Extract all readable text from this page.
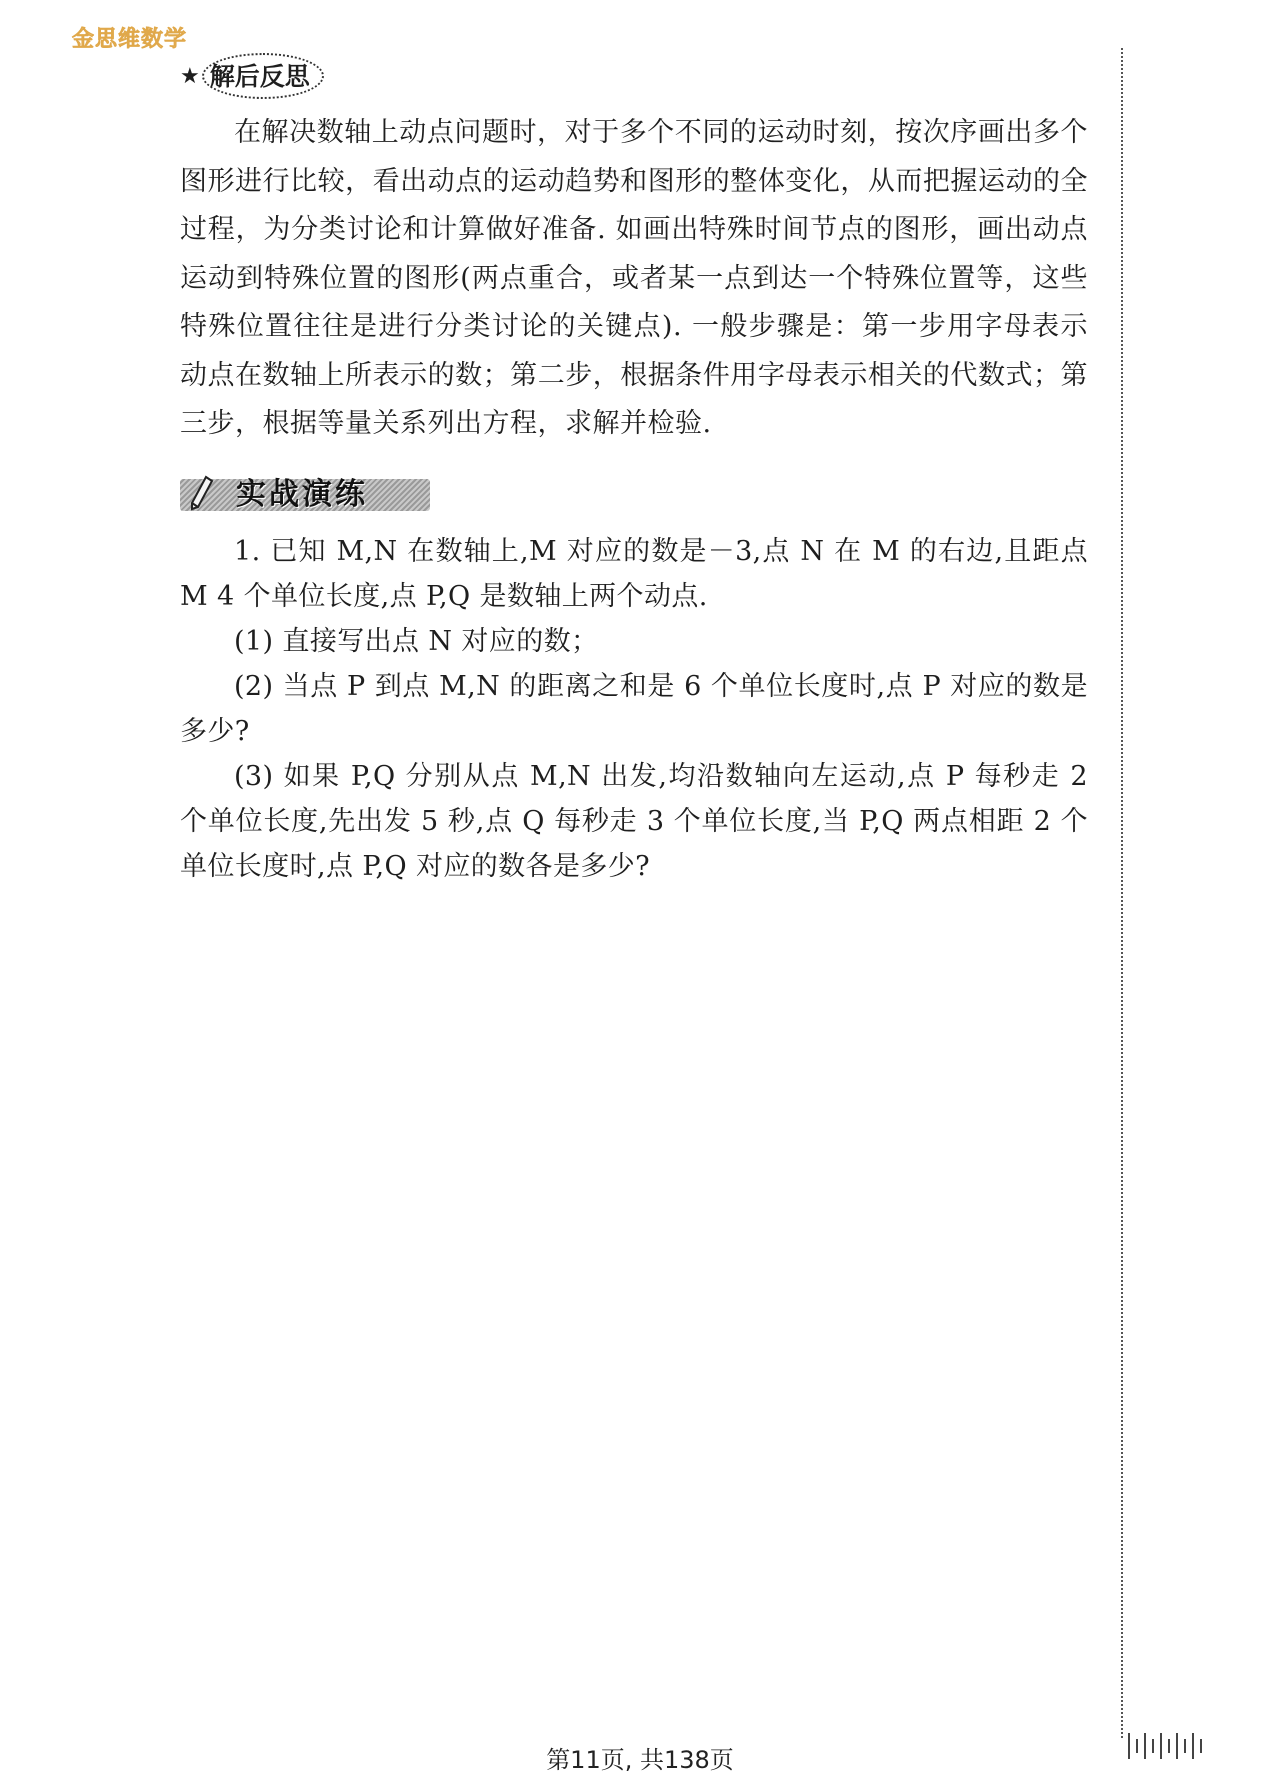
金思维数学
★ 解后反思

在解决数轴上动点问题时，对于多个不同的运动时刻，按次序画出多个图形进行比较，看出动点的运动趋势和图形的整体变化，从而把握运动的全过程，为分类讨论和计算做好准备. 如画出特殊时间节点的图形，画出动点运动到特殊位置的图形(两点重合，或者某一点到达一个特殊位置等，这些特殊位置往往是进行分类讨论的关键点). 一般步骤是：第一步用字母表示动点在数轴上所表示的数；第二步，根据条件用字母表示相关的代数式；第三步，根据等量关系列出方程，求解并检验.

实战演练

1. 已知 M,N 在数轴上,M 对应的数是－3,点 N 在 M 的右边,且距点 M 4 个单位长度,点 P,Q 是数轴上两个动点.

(1) 直接写出点 N 对应的数；

(2) 当点 P 到点 M,N 的距离之和是 6 个单位长度时,点 P 对应的数是多少?

(3) 如果 P,Q 分别从点 M,N 出发,均沿数轴向左运动,点 P 每秒走 2 个单位长度,先出发 5 秒,点 Q 每秒走 3 个单位长度,当 P,Q 两点相距 2 个单位长度时,点 P,Q 对应的数各是多少?

第11页, 共138页
